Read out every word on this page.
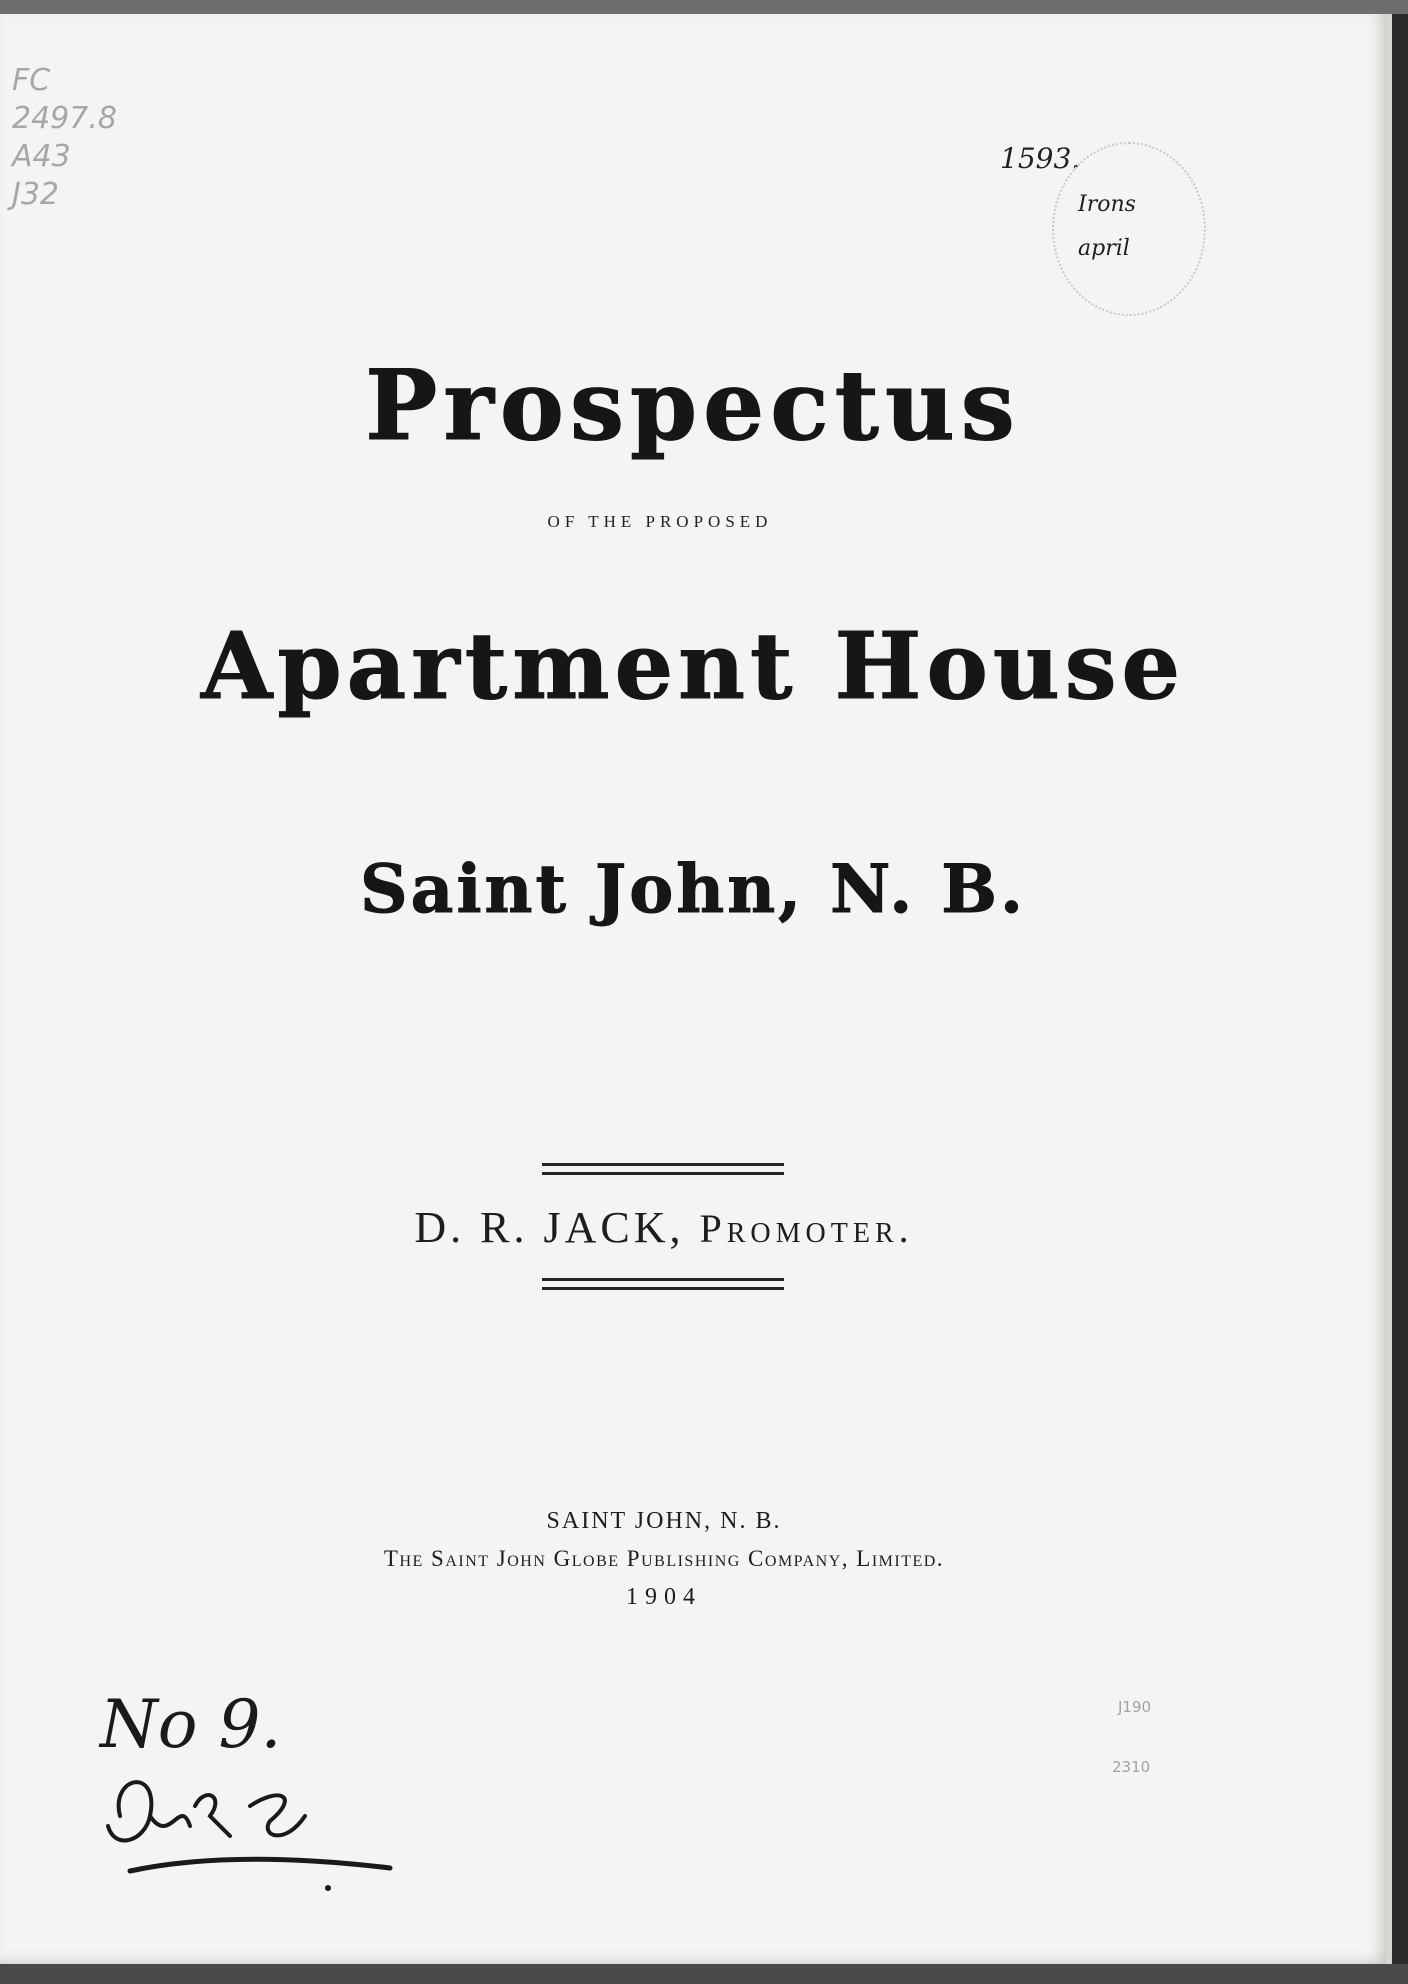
FC
2497.8
A43
J32
1593.
Irons
april
Prospectus
OF THE PROPOSED
Apartment House
Saint John, N. B.
D. R. JACK, Promoter.
SAINT JOHN, N. B.
The Saint John Globe Publishing Company, Limited.
1904
No 9.	J190
2310
